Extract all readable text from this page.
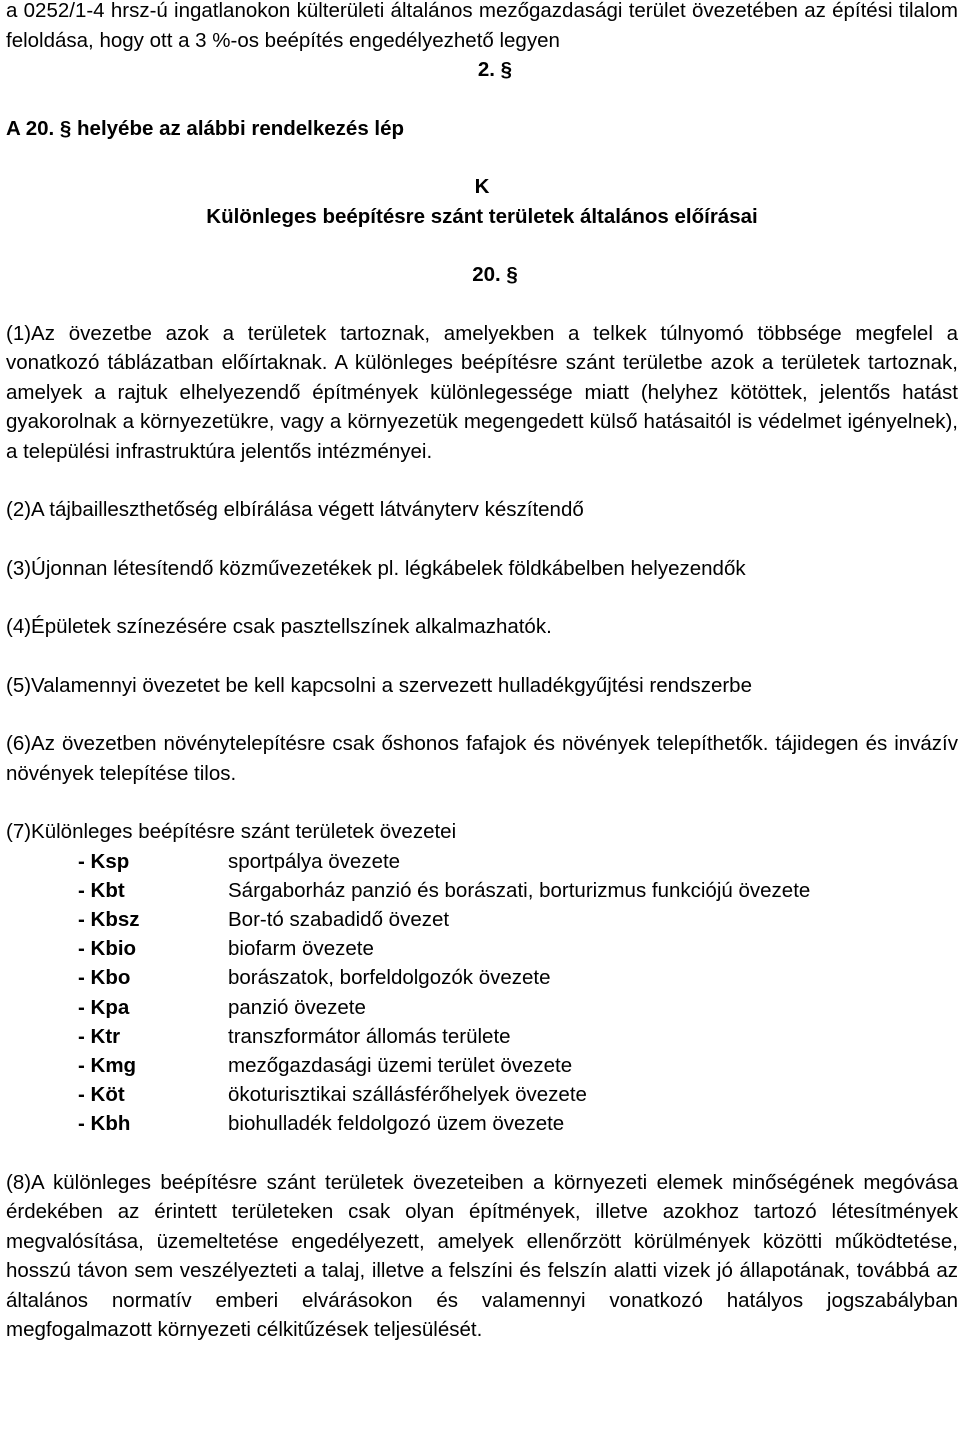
a 0252/1-4 hrsz-ú ingatlanokon külterületi általános mezőgazdasági terület övezetében az építési tilalom feloldása, hogy ott a 3 %-os beépítés engedélyezhető legyen

2. §

A 20. § helyébe az alábbi rendelkezés lép

K

Különleges beépítésre szánt területek általános előírásai

20. §

(1)Az övezetbe azok a területek tartoznak, amelyekben a telkek túlnyomó többsége megfelel a vonatkozó táblázatban előírtaknak. A különleges beépítésre szánt területbe azok a területek tartoznak, amelyek a rajtuk elhelyezendő építmények különlegessége miatt (helyhez kötöttek, jelentős hatást gyakorolnak a környezetükre, vagy a környezetük megengedett külső hatásaitól is védelmet igényelnek), a települési infrastruktúra jelentős intézményei.

(2)A tájbailleszthetőség elbírálása végett látványterv készítendő

(3)Újonnan létesítendő közművezetékek pl. légkábelek földkábelben helyezendők

(4)Épületek színezésére csak pasztellszínek alkalmazhatók.

(5)Valamennyi övezetet be kell kapcsolni a szervezett hulladékgyűjtési rendszerbe

(6)Az övezetben növénytelepítésre csak őshonos fafajok és növények telepíthetők. tájidegen és invázív növények telepítése tilos.

(7)Különleges beépítésre szánt területek övezetei

- Ksp	sportpálya övezete
- Kbt	Sárgaborház panzió és borászati, borturizmus funkciójú övezete
- Kbsz	Bor-tó szabadidő övezet
- Kbio	biofarm övezete
- Kbo	borászatok, borfeldolgozók övezete
- Kpa	panzió övezete
- Ktr	transzformátor állomás területe
- Kmg	mezőgazdasági üzemi terület övezete
- Köt	ökoturisztikai szállásférőhelyek övezete
- Kbh	biohulladék feldolgozó üzem övezete

(8)A különleges beépítésre szánt területek övezeteiben a környezeti elemek minőségének megóvása érdekében az érintett területeken csak olyan építmények, illetve azokhoz tartozó létesítmények megvalósítása, üzemeltetése engedélyezett, amelyek ellenőrzött körülmények közötti működtetése, hosszú távon sem veszélyezteti a talaj, illetve a felszíni és felszín alatti vizek jó állapotának, továbbá az általános normatív emberi elvárásokon és valamennyi vonatkozó hatályos jogszabályban megfogalmazott környezeti célkitűzések teljesülését.
